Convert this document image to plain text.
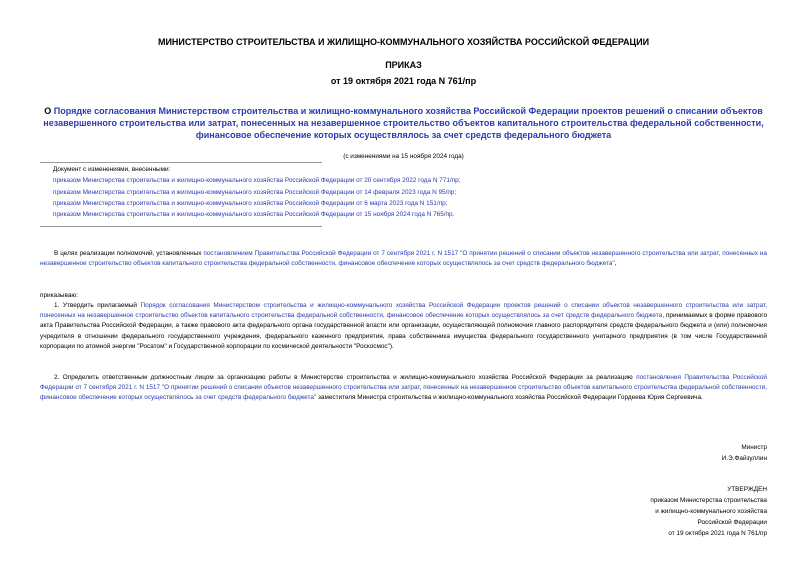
МИНИСТЕРСТВО СТРОИТЕЛЬСТВА И ЖИЛИЩНО-КОММУНАЛЬНОГО ХОЗЯЙСТВА РОССИЙСКОЙ ФЕДЕРАЦИИ
ПРИКАЗ
от 19 октября 2021 года N 761/пр
О Порядке согласования Министерством строительства и жилищно-коммунального хозяйства Российской Федерации проектов решений о списании объектов незавершенного строительства или затрат, понесенных на незавершенное строительство объектов капитального строительства федеральной собственности, финансовое обеспечение которых осуществлялось за счет средств федерального бюджета
(с изменениями на 15 ноября 2024 года)
Документ с изменениями, внесенными:
приказом Министерства строительства и жилищно-коммунального хозяйства Российской Федерации от 20 сентября 2022 года N 771/пр;
приказом Министерства строительства и жилищно-коммунального хозяйства Российской Федерации от 14 февраля 2023 года N 95/пр;
приказом Министерства строительства и жилищно-коммунального хозяйства Российской Федерации от 6 марта 2023 года N 151/пр;
приказом Министерства строительства и жилищно-коммунального хозяйства Российской Федерации от 15 ноября 2024 года N 765/пр.
В целях реализации полномочий, установленных постановлением Правительства Российской Федерации от 7 сентября 2021 г. N 1517 "О принятии решений о списании объектов незавершенного строительства или затрат, понесенных на незавершенное строительство объектов капитального строительства федеральной собственности, финансовое обеспечение которых осуществлялось за счет средств федерального бюджета",
приказываю:
1. Утвердить прилагаемый Порядок согласования Министерством строительства и жилищно-коммунального хозяйства Российской Федерации проектов решений о списании объектов незавершенного строительства или затрат, понесенных на незавершенное строительство объектов капитального строительства федеральной собственности, финансовое обеспечение которых осуществлялось за счет средств федерального бюджета, принимаемых в форме правового акта Правительства Российской Федерации, а также правового акта федерального органа государственной власти или организации, осуществляющей полномочия главного распорядителя средств федерального бюджета и (или) полномочия учредителя в отношении федерального государственного учреждения, федерального казенного предприятия, права собственника имущества федерального государственного унитарного предприятия (в том числе Государственной корпорации по атомной энергии "Росатом" и Государственной корпорации по космической деятельности "Роскосмос").
2. Определить ответственным должностным лицом за организацию работы в Министерстве строительства и жилищно-коммунального хозяйства Российской Федерации за реализацию постановления Правительства Российской Федерации от 7 сентября 2021 г. N 1517 "О принятии решений о списании объектов незавершенного строительства или затрат, понесенных на незавершенное строительство объектов капитального строительства федеральной собственности, финансовое обеспечение которых осуществлялось за счет средств федерального бюджета" заместителя Министра строительства и жилищно-коммунального хозяйства Российской Федерации Гордеева Юрия Сергеевича.
Министр
И.Э.Файзуллин
УТВЕРЖДЕН
приказом Министерства строительства
и жилищно-коммунального хозяйства
Российской Федерации
от 19 октября 2021 года N 761/пр
